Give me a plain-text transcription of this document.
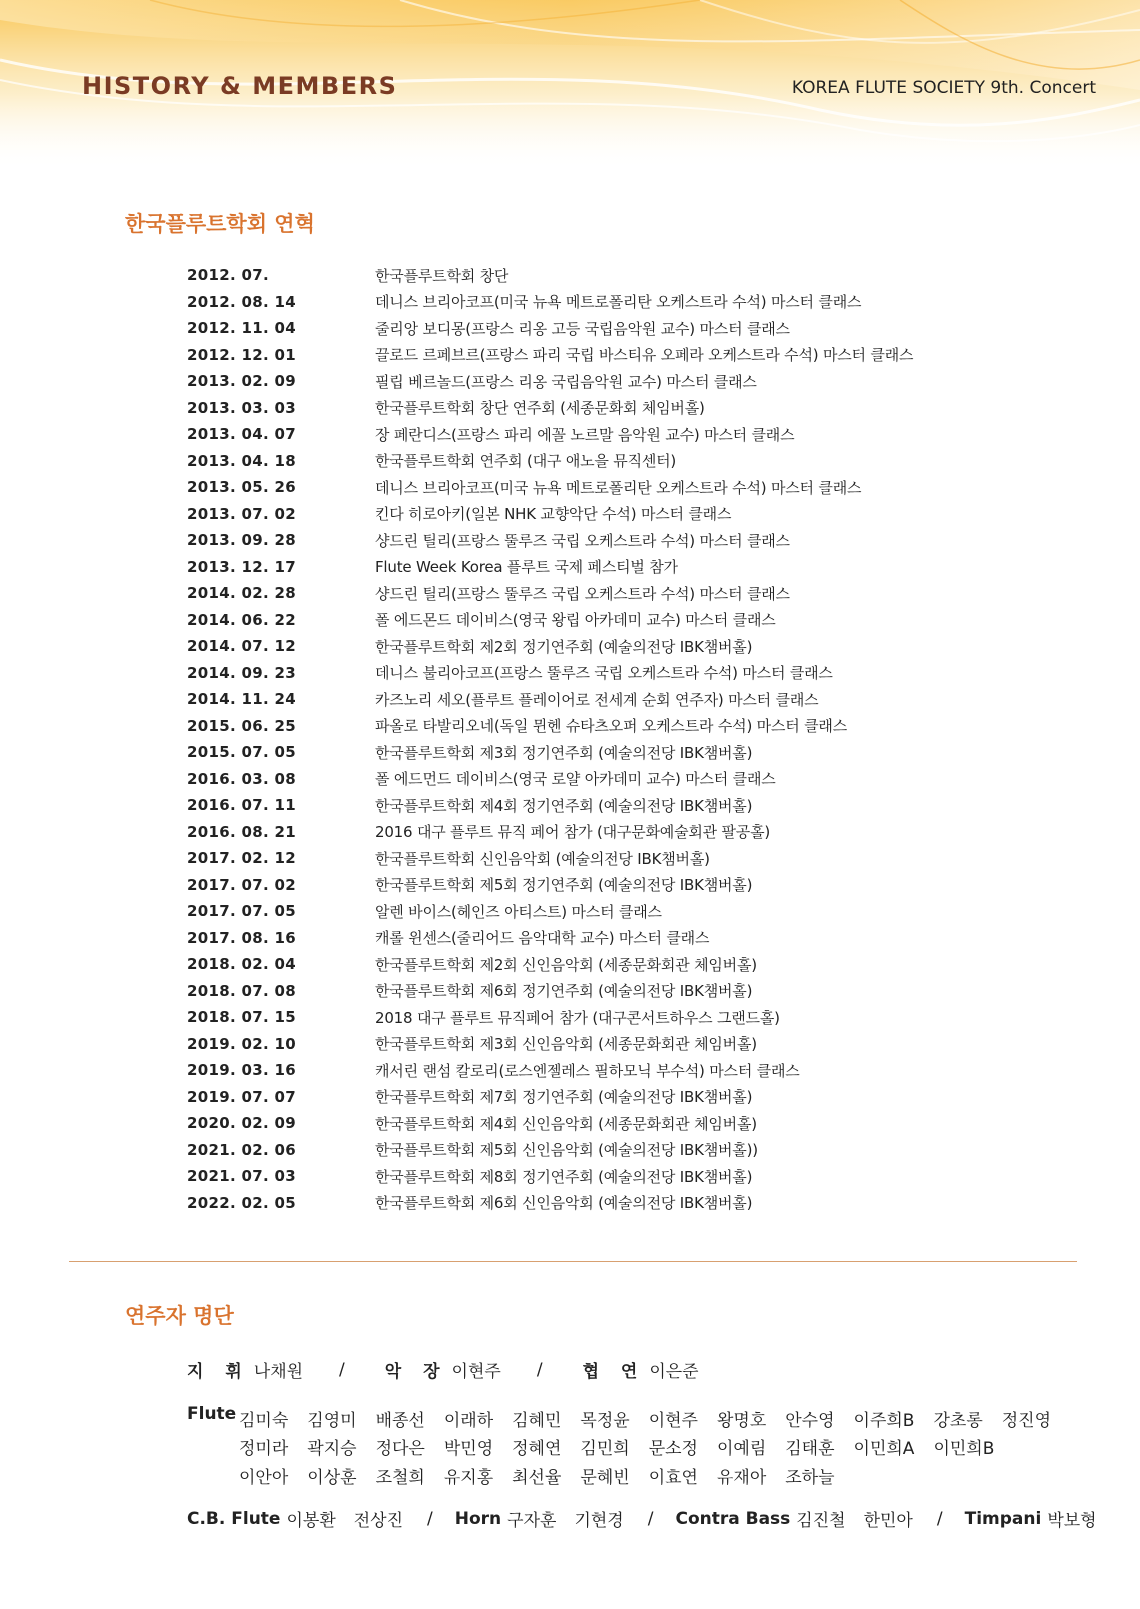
HISTORY & MEMBERS	KOREA FLUTE SOCIETY 9th. Concert
한국플루트학회 연혁
2012. 07.	한국플루트학회 창단
2012. 08. 14	데니스 브리아코프(미국 뉴욕 메트로폴리탄 오케스트라 수석) 마스터 클래스
2012. 11. 04	줄리앙 보디몽(프랑스 리옹 고등 국립음악원 교수) 마스터 클래스
2012. 12. 01	끌로드 르페브르(프랑스 파리 국립 바스티유 오페라 오케스트라 수석) 마스터 클래스
2013. 02. 09	필립 베르놀드(프랑스 리옹 국립음악원 교수) 마스터 클래스
2013. 03. 03	한국플루트학회 창단 연주회 (세종문화회 체임버홀)
2013. 04. 07	장 페란디스(프랑스 파리 에꼴 노르말 음악원 교수) 마스터 클래스
2013. 04. 18	한국플루트학회 연주회 (대구 애노을 뮤직센터)
2013. 05. 26	데니스 브리아코프(미국 뉴욕 메트로폴리탄 오케스트라 수석) 마스터 클래스
2013. 07. 02	킨다 히로아키(일본 NHK 교향악단 수석) 마스터 클래스
2013. 09. 28	샹드린 틸리(프랑스 뚤루즈 국립 오케스트라 수석) 마스터 클래스
2013. 12. 17	Flute Week Korea 플루트 국제 페스티벌 참가
2014. 02. 28	샹드린 틸리(프랑스 뚤루즈 국립 오케스트라 수석) 마스터 클래스
2014. 06. 22	폴 에드몬드 데이비스(영국 왕립 아카데미 교수) 마스터 클래스
2014. 07. 12	한국플루트학회 제2회 정기연주회 (예술의전당 IBK챔버홀)
2014. 09. 23	데니스 불리아코프(프랑스 뚤루즈 국립 오케스트라 수석) 마스터 클래스
2014. 11. 24	카즈노리 세오(플루트 플레이어로 전세계 순회 연주자) 마스터 클래스
2015. 06. 25	파올로 타발리오네(독일 뮌헨 슈타츠오퍼 오케스트라 수석) 마스터 클래스
2015. 07. 05	한국플루트학회 제3회 정기연주회 (예술의전당 IBK챔버홀)
2016. 03. 08	폴 에드먼드 데이비스(영국 로얄 아카데미 교수) 마스터 클래스
2016. 07. 11	한국플루트학회 제4회 정기연주회 (예술의전당 IBK챔버홀)
2016. 08. 21	2016 대구 플루트 뮤직 페어 참가 (대구문화예술회관 팔공홀)
2017. 02. 12	한국플루트학회 신인음악회 (예술의전당 IBK챔버홀)
2017. 07. 02	한국플루트학회 제5회 정기연주회 (예술의전당 IBK챔버홀)
2017. 07. 05	알렌 바이스(헤인즈 아티스트) 마스터 클래스
2017. 08. 16	캐롤 윈센스(줄리어드 음악대학 교수) 마스터 클래스
2018. 02. 04	한국플루트학회 제2회 신인음악회 (세종문화회관 체임버홀)
2018. 07. 08	한국플루트학회 제6회 정기연주회 (예술의전당 IBK챔버홀)
2018. 07. 15	2018 대구 플루트 뮤직페어 참가 (대구콘서트하우스 그랜드홀)
2019. 02. 10	한국플루트학회 제3회 신인음악회 (세종문화회관 체임버홀)
2019. 03. 16	캐서린 랜섬 칼로리(로스엔젤레스 필하모닉 부수석) 마스터 클래스
2019. 07. 07	한국플루트학회 제7회 정기연주회 (예술의전당 IBK챔버홀)
2020. 02. 09	한국플루트학회 제4회 신인음악회 (세종문화회관 체임버홀)
2021. 02. 06	한국플루트학회 제5회 신인음악회 (예술의전당 IBK챔버홀))
2021. 07. 03	한국플루트학회 제8회 정기연주회 (예술의전당 IBK챔버홀)
2022. 02. 05	한국플루트학회 제6회 신인음악회 (예술의전당 IBK챔버홀)
연주자 명단
지 휘 나채원 / 악 장 이현주 / 협 연 이은준
Flute 김미숙 김영미 배종선 이래하 김혜민 목정윤 이현주 왕명호 안수영 이주희B 강초롱 정진영
정미라 곽지승 정다은 박민영 정혜연 김민희 문소정 이예림 김태훈 이민희A 이민희B
이안아 이상훈 조철희 유지홍 최선율 문혜빈 이효연 유재아 조하늘
C.B. Flute 이봉환 전상진 / Horn 구자훈 기현경 / Contra Bass 김진철 한민아 / Timpani 박보형
